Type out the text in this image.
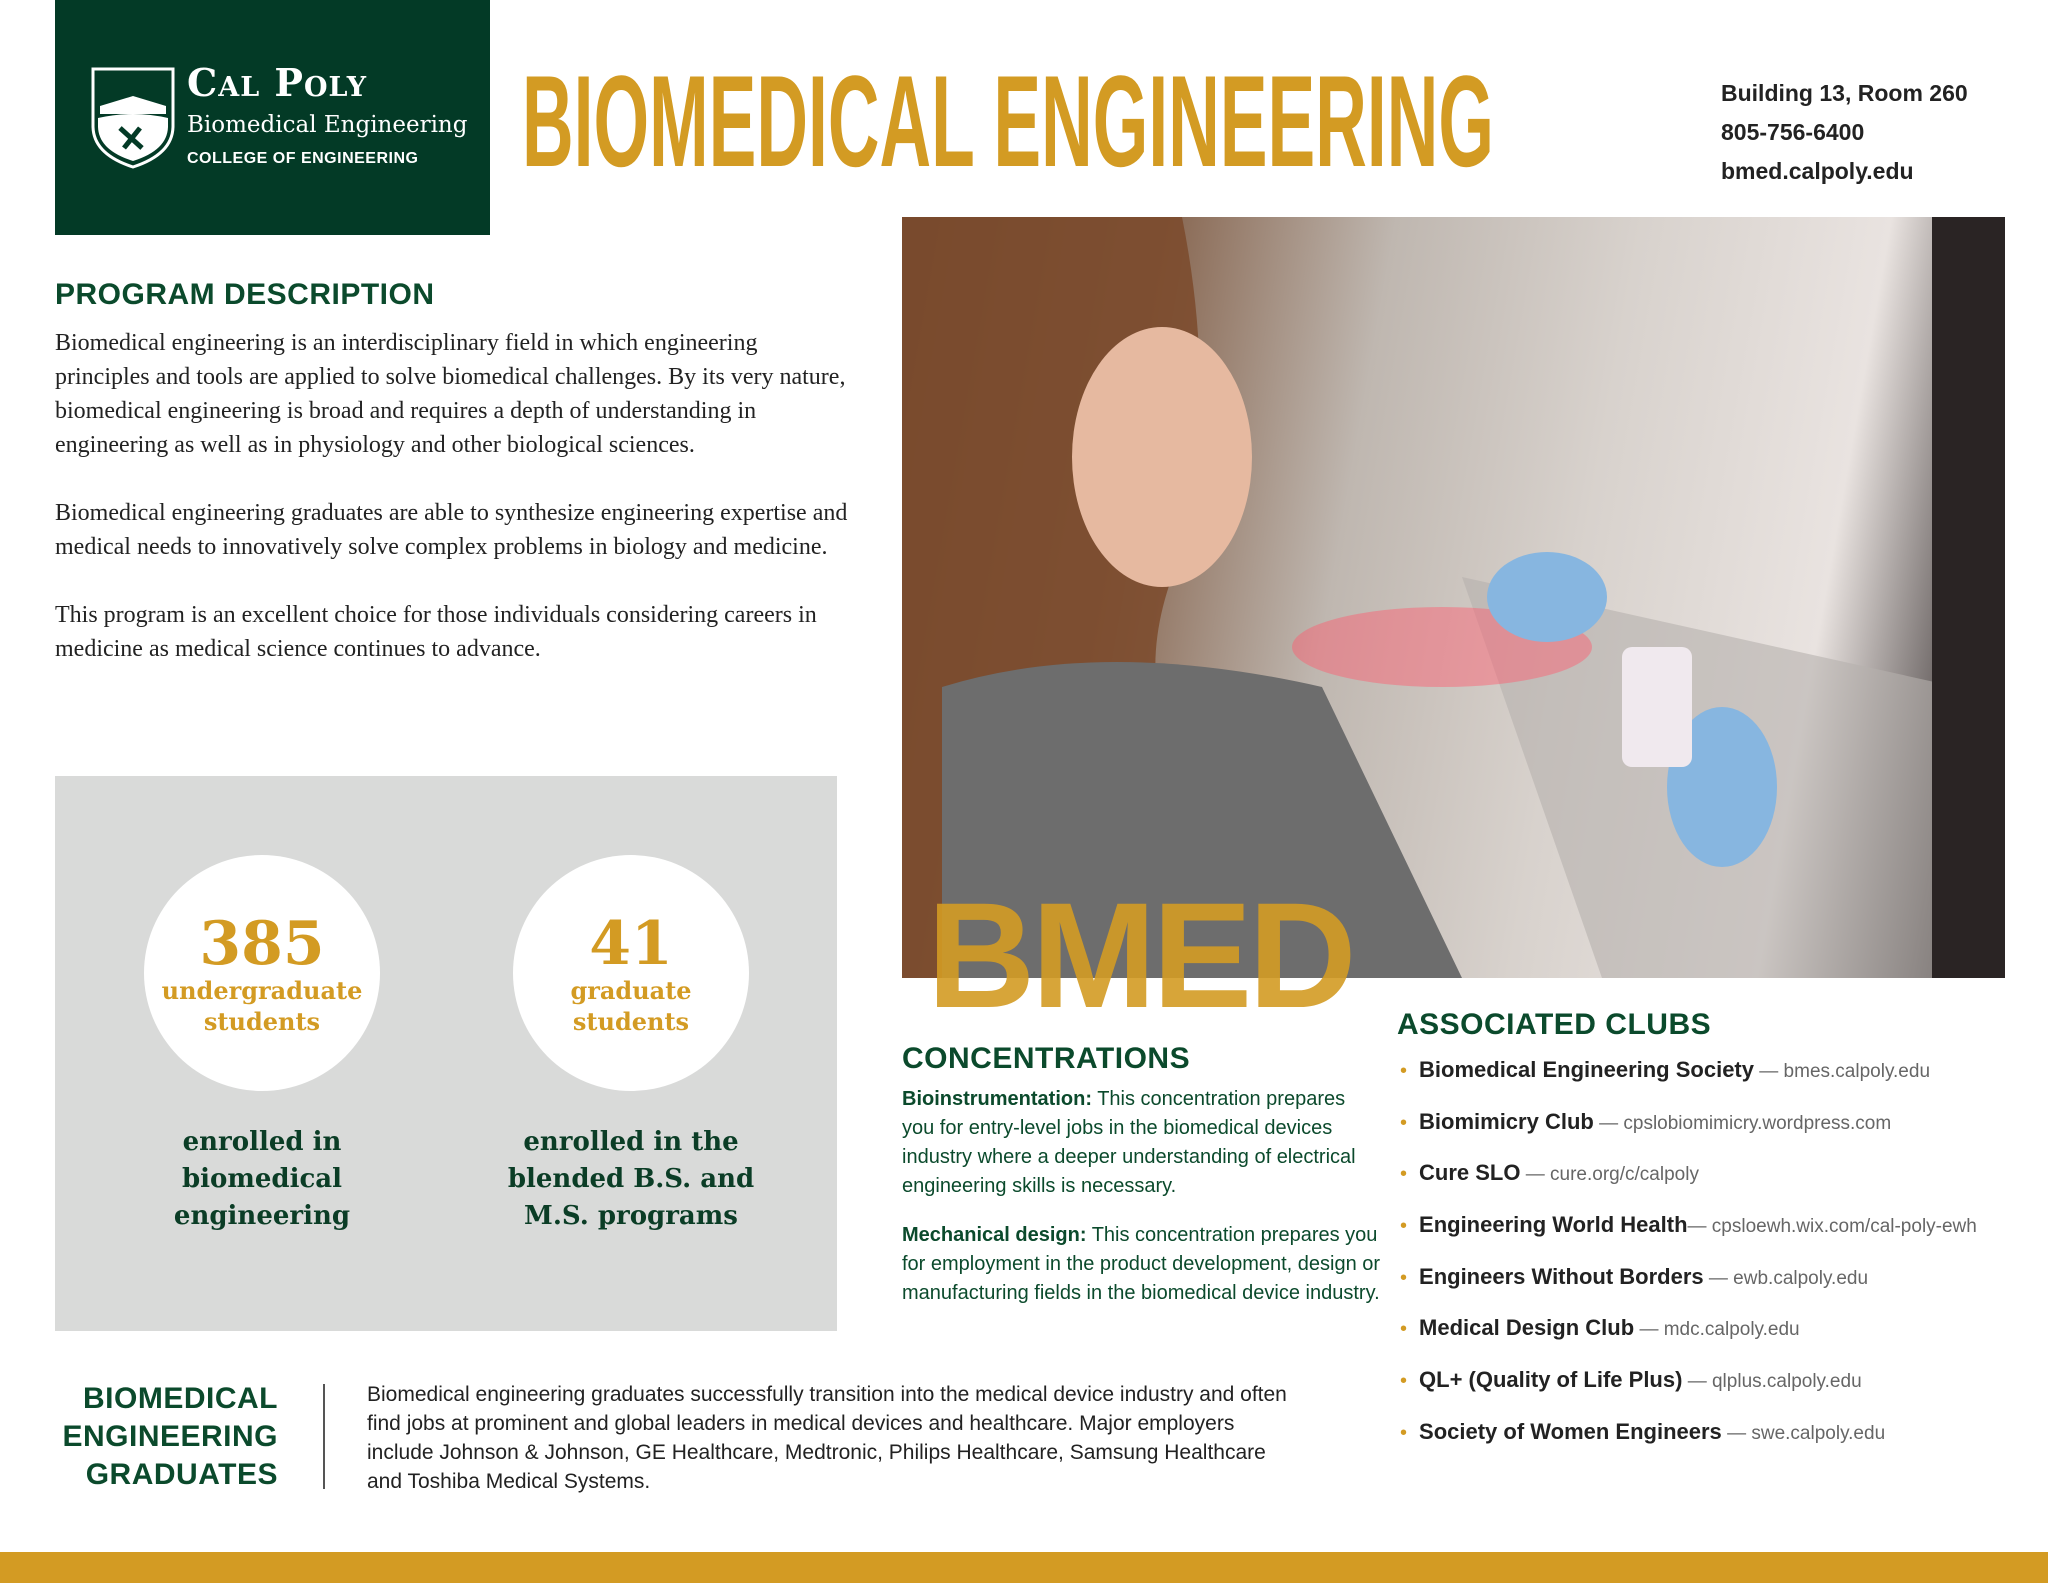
Cal Poly
Biomedical Engineering
COLLEGE OF ENGINEERING BIOMEDICAL ENGINEERING	Building 13, Room 260
805-756-6400
bmed.calpoly.edu
BMED
PROGRAM DESCRIPTION

Biomedical engineering is an interdisciplinary field in which engineering principles and tools are applied to solve biomedical challenges. By its very nature, biomedical engineering is broad and requires a depth of understanding in engineering as well as in physiology and other biological sciences.

Biomedical engineering graduates are able to synthesize engineering expertise and medical needs to innovatively solve complex problems in biology and medicine.

This program is an excellent choice for those individuals considering careers in medicine as medical science continues to advance.

385
undergraduate
students
enrolled in biomedical engineering
41
graduate
students
enrolled in the blended B.S. and M.S. programs
CONCENTRATIONS

Bioinstrumentation: This concentration prepares you for entry-level jobs in the biomedical devices industry where a deeper understanding of electrical engineering skills is necessary.

Mechanical design: This concentration prepares you for employment in the product development, design or manufacturing fields in the biomedical device industry.

ASSOCIATED CLUBS
• Biomedical Engineering Society — bmes.calpoly.edu
• Biomimicry Club — cpslobiomimicry.wordpress.com
• Cure SLO — cure.org/c/calpoly
• Engineering World Health— cpsloewh.wix.com/cal-poly-ewh
• Engineers Without Borders — ewb.calpoly.edu
• Medical Design Club — mdc.calpoly.edu
• QL+ (Quality of Life Plus) — qlplus.calpoly.edu
• Society of Women Engineers — swe.calpoly.edu
BIOMEDICAL
ENGINEERING
GRADUATES
Biomedical engineering graduates successfully transition into the medical device industry and often find jobs at prominent and global leaders in medical devices and healthcare. Major employers include Johnson & Johnson, GE Healthcare, Medtronic, Philips Healthcare, Samsung Healthcare and Toshiba Medical Systems.
